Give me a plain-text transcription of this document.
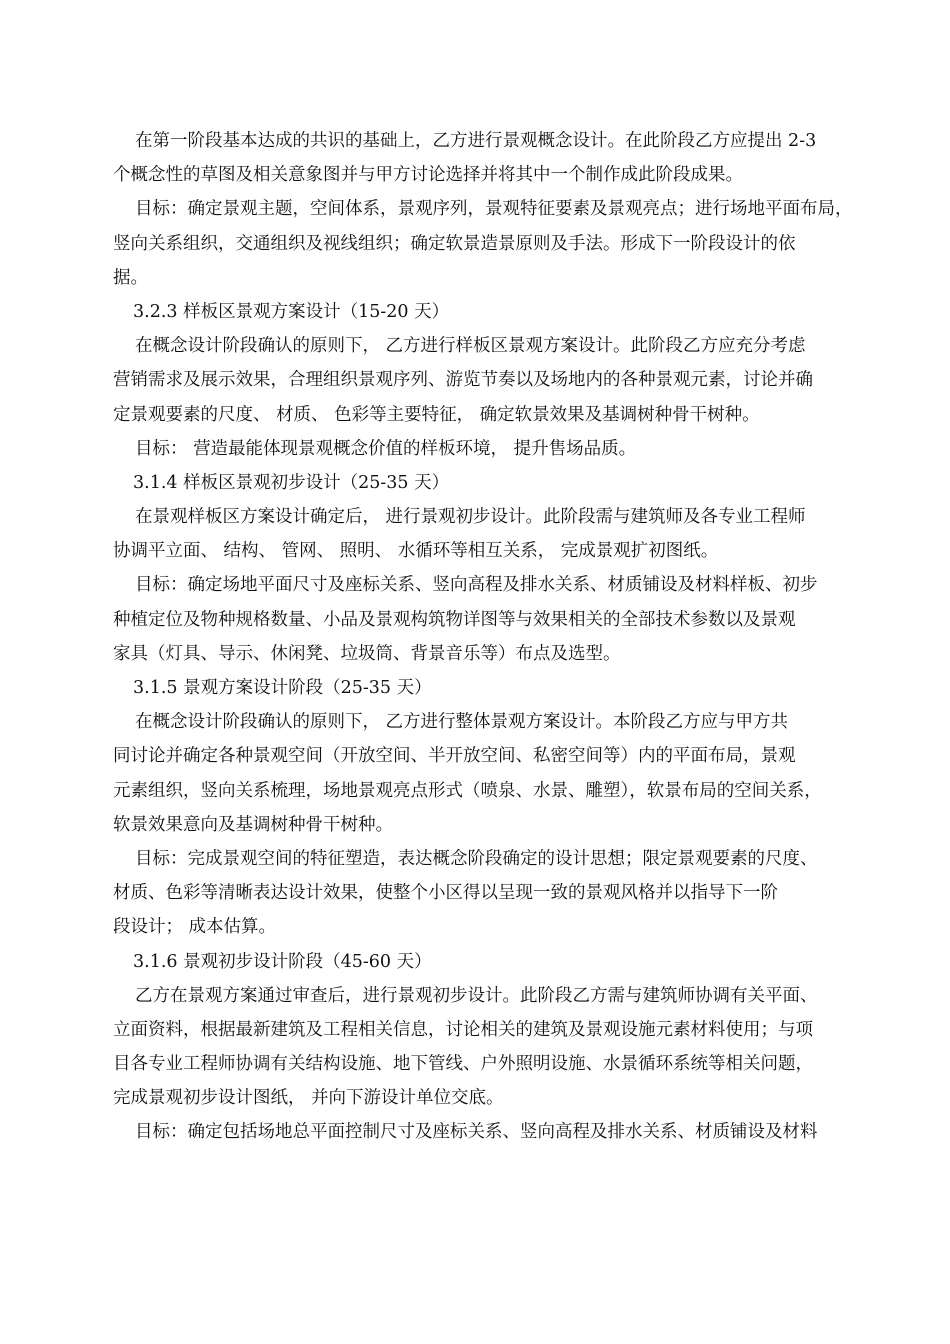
在第一阶段基本达成的共识的基础上，乙方进行景观概念设计。在此阶段乙方应提出 2-3
个概念性的草图及相关意象图并与甲方讨论选择并将其中一个制作成此阶段成果。
目标：确定景观主题，空间体系，景观序列，景观特征要素及景观亮点；进行场地平面布局，
竖向关系组织，交通组织及视线组织；确定软景造景原则及手法。形成下一阶段设计的依
据。
3.2.3 样板区景观方案设计（15-20 天）
在概念设计阶段确认的原则下， 乙方进行样板区景观方案设计。此阶段乙方应充分考虑
营销需求及展示效果，合理组织景观序列、游览节奏以及场地内的各种景观元素，讨论并确
定景观要素的尺度、 材质、 色彩等主要特征， 确定软景效果及基调树种骨干树种。
目标： 营造最能体现景观概念价值的样板环境， 提升售场品质。
3.1.4 样板区景观初步设计（25-35 天）
在景观样板区方案设计确定后， 进行景观初步设计。此阶段需与建筑师及各专业工程师
协调平立面、 结构、 管网、 照明、 水循环等相互关系， 完成景观扩初图纸。
目标：确定场地平面尺寸及座标关系、竖向高程及排水关系、材质铺设及材料样板、初步
种植定位及物种规格数量、小品及景观构筑物详图等与效果相关的全部技术参数以及景观
家具（灯具、导示、休闲凳、垃圾筒、背景音乐等）布点及选型。
3.1.5 景观方案设计阶段（25-35 天）
在概念设计阶段确认的原则下， 乙方进行整体景观方案设计。本阶段乙方应与甲方共
同讨论并确定各种景观空间（开放空间、半开放空间、私密空间等）内的平面布局，景观
元素组织，竖向关系梳理，场地景观亮点形式（喷泉、水景、雕塑），软景布局的空间关系，
软景效果意向及基调树种骨干树种。
目标：完成景观空间的特征塑造，表达概念阶段确定的设计思想；限定景观要素的尺度、
材质、色彩等清晰表达设计效果，使整个小区得以呈现一致的景观风格并以指导下一阶
段设计； 成本估算。
3.1.6 景观初步设计阶段（45-60 天）
乙方在景观方案通过审查后，进行景观初步设计。此阶段乙方需与建筑师协调有关平面、
立面资料，根据最新建筑及工程相关信息，讨论相关的建筑及景观设施元素材料使用；与项
目各专业工程师协调有关结构设施、地下管线、户外照明设施、水景循环系统等相关问题，
完成景观初步设计图纸， 并向下游设计单位交底。
目标：确定包括场地总平面控制尺寸及座标关系、竖向高程及排水关系、材质铺设及材料
